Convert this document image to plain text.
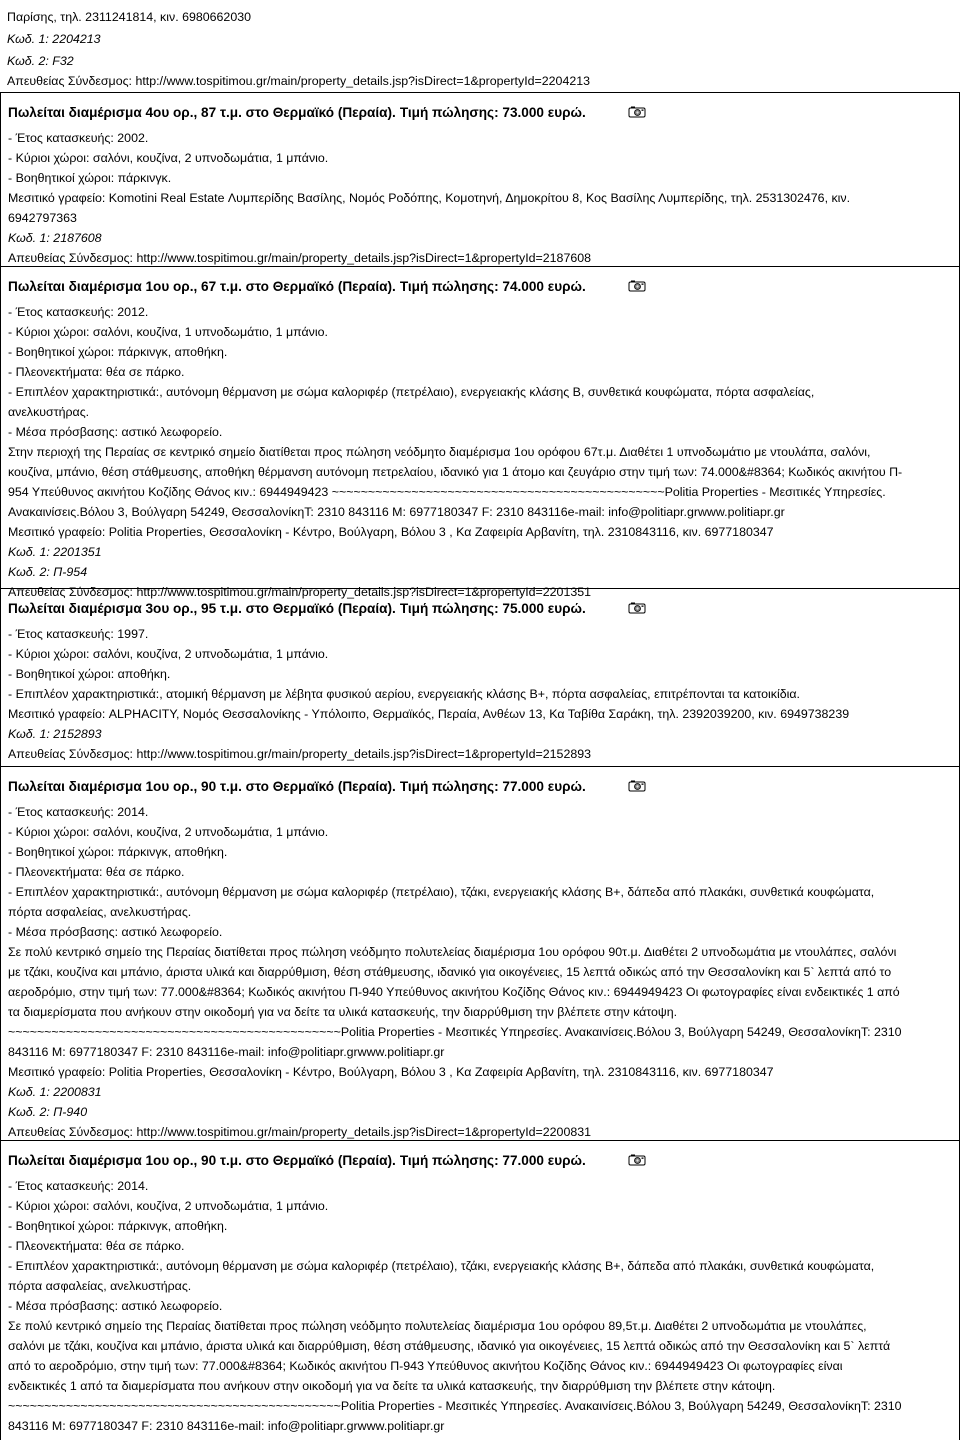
Παρίσης, τηλ. 2311241814, κιν. 6980662030
Κωδ. 1: 2204213
Κωδ. 2: F32
Απευθείας Σύνδεσμος: http://www.tospitimou.gr/main/property_details.jsp?isDirect=1&propertyId=2204213
Πωλείται διαμέρισμα 4ου ορ., 87 τ.μ. στο Θερμαϊκό (Περαία). Τιμή πώλησης: 73.000 ευρώ.
- Έτος κατασκευής: 2002.
- Κύριοι χώροι: σαλόνι, κουζίνα, 2 υπνοδωμάτια, 1 μπάνιο.
- Βοηθητικοί χώροι: πάρκινγκ.
Μεσιτικό γραφείο: Komotini Real Estate Λυμπερίδης Βασίλης, Νομός Ροδόπης, Κομοτηνή, Δημοκρίτου 8, Κος Βασίλης Λυμπερίδης, τηλ. 2531302476, κιν.
6942797363
Κωδ. 1: 2187608
Απευθείας Σύνδεσμος: http://www.tospitimou.gr/main/property_details.jsp?isDirect=1&propertyId=2187608
Πωλείται διαμέρισμα 1ου ορ., 67 τ.μ. στο Θερμαϊκό (Περαία). Τιμή πώλησης: 74.000 ευρώ.
- Έτος κατασκευής: 2012.
- Κύριοι χώροι: σαλόνι, κουζίνα, 1 υπνοδωμάτιο, 1 μπάνιο.
- Βοηθητικοί χώροι: πάρκινγκ, αποθήκη.
- Πλεονεκτήματα: θέα σε πάρκο.
- Επιπλέον χαρακτηριστικά:, αυτόνομη θέρμανση με σώμα καλοριφέρ (πετρέλαιο), ενεργειακής κλάσης B, συνθετικά κουφώματα, πόρτα ασφαλείας,
ανελκυστήρας.
- Μέσα πρόσβασης: αστικό λεωφορείο.
Στην περιοχή της Περαίας σε κεντρικό σημείο διατίθεται προς πώληση νεόδμητο διαμέρισμα 1ου ορόφου 67τ.μ. Διαθέτει 1 υπνοδωμάτιο με ντουλάπα, σαλόνι,
κουζίνα, μπάνιο, θέση στάθμευσης, αποθήκη θέρμανση αυτόνομη πετρελαίου, ιδανικό για 1 άτομο και ζευγάριο στην τιμή των: 74.000&#8364; Κωδικός ακινήτου Π-
954 Υπεύθυνος ακινήτου Κοζίδης Θάνος κιν.: 6944949423 ~~~~~~~~~~~~~~~~~~~~~~~~~~~~~~~~~~~~~~~~~~~~~~Politia Properties - Μεσιτικές Υπηρεσίες.
Ανακαινίσεις.Βόλου 3, Βούλγαρη 54249, ΘεσσαλονίκηT: 2310 843116 M: 6977180347 F: 2310 843116e-mail: info@politiapr.grwww.politiapr.gr
Μεσιτικό γραφείο: Politia Properties, Θεσσαλονίκη - Κέντρο, Βούλγαρη, Βόλου 3 , Κα Ζαφειρία Αρβανίτη, τηλ. 2310843116, κιν. 6977180347
Κωδ. 1: 2201351
Κωδ. 2: Π-954
Απευθείας Σύνδεσμος: http://www.tospitimou.gr/main/property_details.jsp?isDirect=1&propertyId=2201351
Πωλείται διαμέρισμα 3ου ορ., 95 τ.μ. στο Θερμαϊκό (Περαία). Τιμή πώλησης: 75.000 ευρώ.
- Έτος κατασκευής: 1997.
- Κύριοι χώροι: σαλόνι, κουζίνα, 2 υπνοδωμάτια, 1 μπάνιο.
- Βοηθητικοί χώροι: αποθήκη.
- Επιπλέον χαρακτηριστικά:, ατομική θέρμανση με λέβητα φυσικού αερίου, ενεργειακής κλάσης B+, πόρτα ασφαλείας, επιτρέπονται τα κατοικίδια.
Μεσιτικό γραφείο: ALPHACITY, Νομός Θεσσαλονίκης - Υπόλοιπο, Θερμαϊκός, Περαία, Ανθέων 13, Κα Ταβίθα Σαράκη, τηλ. 2392039200, κιν. 6949738239
Κωδ. 1: 2152893
Απευθείας Σύνδεσμος: http://www.tospitimou.gr/main/property_details.jsp?isDirect=1&propertyId=2152893
Πωλείται διαμέρισμα 1ου ορ., 90 τ.μ. στο Θερμαϊκό (Περαία). Τιμή πώλησης: 77.000 ευρώ.
- Έτος κατασκευής: 2014.
- Κύριοι χώροι: σαλόνι, κουζίνα, 2 υπνοδωμάτια, 1 μπάνιο.
- Βοηθητικοί χώροι: πάρκινγκ, αποθήκη.
- Πλεονεκτήματα: θέα σε πάρκο.
- Επιπλέον χαρακτηριστικά:, αυτόνομη θέρμανση με σώμα καλοριφέρ (πετρέλαιο), τζάκι, ενεργειακής κλάσης B+, δάπεδα από πλακάκι, συνθετικά κουφώματα,
πόρτα ασφαλείας, ανελκυστήρας.
- Μέσα πρόσβασης: αστικό λεωφορείο.
Σε πολύ κεντρικό σημείο της Περαίας διατίθεται προς πώληση νεόδμητο πολυτελείας διαμέρισμα 1ου ορόφου 90τ.μ. Διαθέτει 2 υπνοδωμάτια με ντουλάπες, σαλόνι
με τζάκι, κουζίνα και μπάνιο, άριστα υλικά και διαρρύθμιση, θέση στάθμευσης, ιδανικό για οικογένειες, 15 λεπτά οδικώς από την Θεσσαλονίκη και 5` λεπτά από το
αεροδρόμιο, στην τιμή των: 77.000&#8364; Κωδικός ακινήτου Π-940 Υπεύθυνος ακινήτου Κοζίδης Θάνος κιν.: 6944949423 Οι φωτογραφίες είναι ενδεικτικές 1 από
τα διαμερίσματα που ανήκουν στην οικοδομή για να δείτε τα υλικά κατασκευής, την διαρρύθμιση την βλέπετε στην κάτοψη.
~~~~~~~~~~~~~~~~~~~~~~~~~~~~~~~~~~~~~~~~~~~~~~Politia Properties - Μεσιτικές Υπηρεσίες. Ανακαινίσεις.Βόλου 3, Βούλγαρη 54249, ΘεσσαλονίκηT: 2310
843116 M: 6977180347 F: 2310 843116e-mail: info@politiapr.grwww.politiapr.gr
Μεσιτικό γραφείο: Politia Properties, Θεσσαλονίκη - Κέντρο, Βούλγαρη, Βόλου 3 , Κα Ζαφειρία Αρβανίτη, τηλ. 2310843116, κιν. 6977180347
Κωδ. 1: 2200831
Κωδ. 2: Π-940
Απευθείας Σύνδεσμος: http://www.tospitimou.gr/main/property_details.jsp?isDirect=1&propertyId=2200831
Πωλείται διαμέρισμα 1ου ορ., 90 τ.μ. στο Θερμαϊκό (Περαία). Τιμή πώλησης: 77.000 ευρώ.
- Έτος κατασκευής: 2014.
- Κύριοι χώροι: σαλόνι, κουζίνα, 2 υπνοδωμάτια, 1 μπάνιο.
- Βοηθητικοί χώροι: πάρκινγκ, αποθήκη.
- Πλεονεκτήματα: θέα σε πάρκο.
- Επιπλέον χαρακτηριστικά:, αυτόνομη θέρμανση με σώμα καλοριφέρ (πετρέλαιο), τζάκι, ενεργειακής κλάσης B+, δάπεδα από πλακάκι, συνθετικά κουφώματα,
πόρτα ασφαλείας, ανελκυστήρας.
- Μέσα πρόσβασης: αστικό λεωφορείο.
Σε πολύ κεντρικό σημείο της Περαίας διατίθεται προς πώληση νεόδμητο πολυτελείας διαμέρισμα 1ου ορόφου 89,5τ.μ. Διαθέτει 2 υπνοδωμάτια με ντουλάπες,
σαλόνι με τζάκι, κουζίνα και μπάνιο, άριστα υλικά και διαρρύθμιση, θέση στάθμευσης, ιδανικό για οικογένειες, 15 λεπτά οδικώς από την Θεσσαλονίκη και 5` λεπτά
από το αεροδρόμιο, στην τιμή των: 77.000&#8364; Κωδικός ακινήτου Π-943 Υπεύθυνος ακινήτου Κοζίδης Θάνος κιν.: 6944949423 Οι φωτογραφίες είναι
ενδεικτικές 1 από τα διαμερίσματα που ανήκουν στην οικοδομή για να δείτε τα υλικά κατασκευής, την διαρρύθμιση την βλέπετε στην κάτοψη.
~~~~~~~~~~~~~~~~~~~~~~~~~~~~~~~~~~~~~~~~~~~~~~Politia Properties - Μεσιτικές Υπηρεσίες. Ανακαινίσεις.Βόλου 3, Βούλγαρη 54249, ΘεσσαλονίκηT: 2310
843116 M: 6977180347 F: 2310 843116e-mail: info@politiapr.grwww.politiapr.gr
